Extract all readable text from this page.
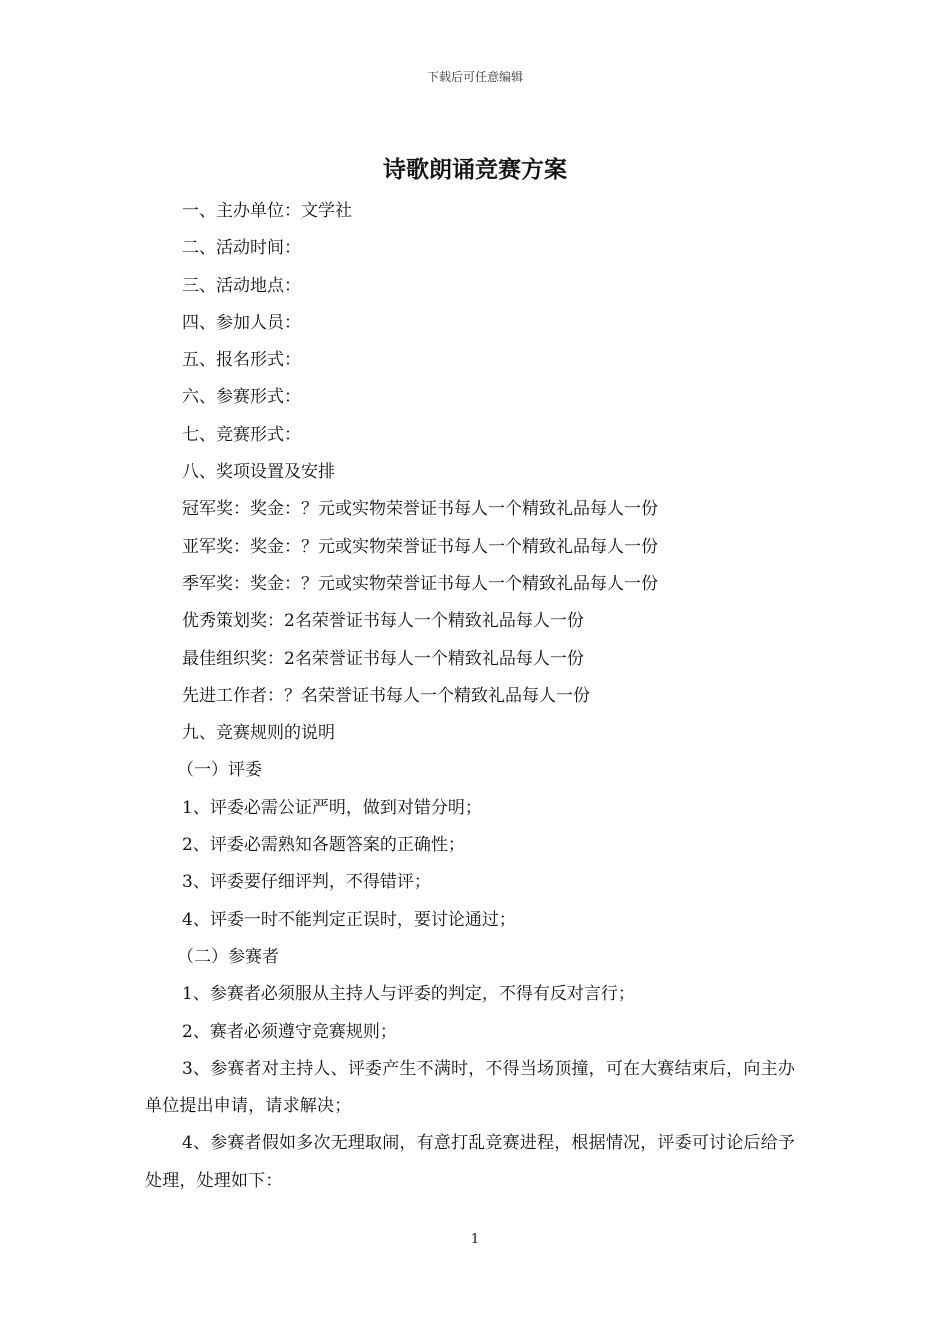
下载后可任意编辑
诗歌朗诵竞赛方案
一、主办单位：文学社
二、活动时间：
三、活动地点：
四、参加人员：
五、报名形式：
六、参赛形式：
七、竞赛形式：
八、奖项设置及安排
冠军奖：奖金：？元或实物荣誉证书每人一个精致礼品每人一份
亚军奖：奖金：？元或实物荣誉证书每人一个精致礼品每人一份
季军奖：奖金：？元或实物荣誉证书每人一个精致礼品每人一份
优秀策划奖：2名荣誉证书每人一个精致礼品每人一份
最佳组织奖：2名荣誉证书每人一个精致礼品每人一份
先进工作者：？名荣誉证书每人一个精致礼品每人一份
九、竞赛规则的说明
（一）评委
1、评委必需公证严明，做到对错分明；
2、评委必需熟知各题答案的正确性；
3、评委要仔细评判，不得错评；
4、评委一时不能判定正误时，要讨论通过；
（二）参赛者
1、参赛者必须服从主持人与评委的判定，不得有反对言行；
2、赛者必须遵守竞赛规则；
3、参赛者对主持人、评委产生不满时，不得当场顶撞，可在大赛结束后，向主办单位提出申请，请求解决；
4、参赛者假如多次无理取闹，有意打乱竞赛进程，根据情况，评委可讨论后给予处理，处理如下：
1
